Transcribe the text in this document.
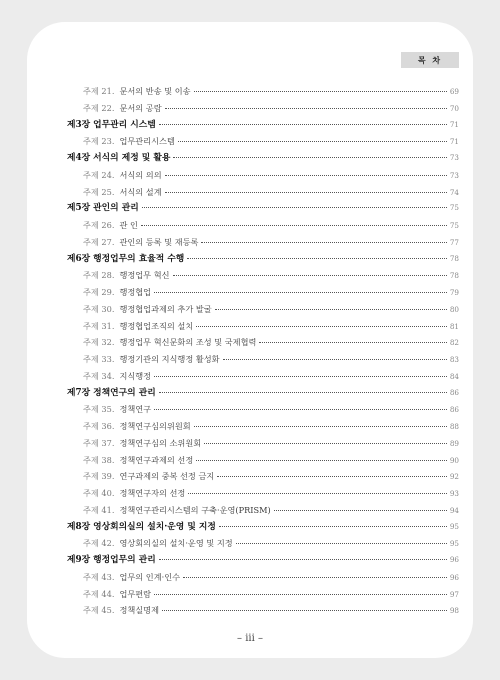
목 차
주제 21. 문서의 반송 및 이송	69
주제 22. 문서의 공람	70
제3장 업무관리 시스템	71
주제 23. 업무관리시스템	71
제4장 서식의 제정 및 활용	73
주제 24. 서식의 의의	73
주제 25. 서식의 설계	74
제5장 관인의 관리	75
주제 26. 관 인	75
주제 27. 관인의 등록 및 재등록	77
제6장 행정업무의 효율적 수행	78
주제 28. 행정업무 혁신	78
주제 29. 행정협업	79
주제 30. 행정협업과제의 추가 발굴	80
주제 31. 행정협업조직의 설치	81
주제 32. 행정업무 혁신문화의 조성 및 국제협력	82
주제 33. 행정기관의 지식행정 활성화	83
주제 34. 지식행정	84
제7장 정책연구의 관리	86
주제 35. 정책연구	86
주제 36. 정책연구심의위원회	88
주제 37. 정책연구심의 소위원회	89
주제 38. 정책연구과제의 선정	90
주제 39. 연구과제의 중복 선정 금지	92
주제 40. 정책연구자의 선정	93
주제 41. 정책연구관리시스템의 구축·운영(PRISM)	94
제8장 영상회의실의 설치·운영 및 지정	95
주제 42. 영상회의실의 설치·운영 및 지정	95
제9장 행정업무의 관리	96
주제 43. 업무의 인계·인수	96
주제 44. 업무편람	97
주제 45. 정책실명제	98
– iii –
